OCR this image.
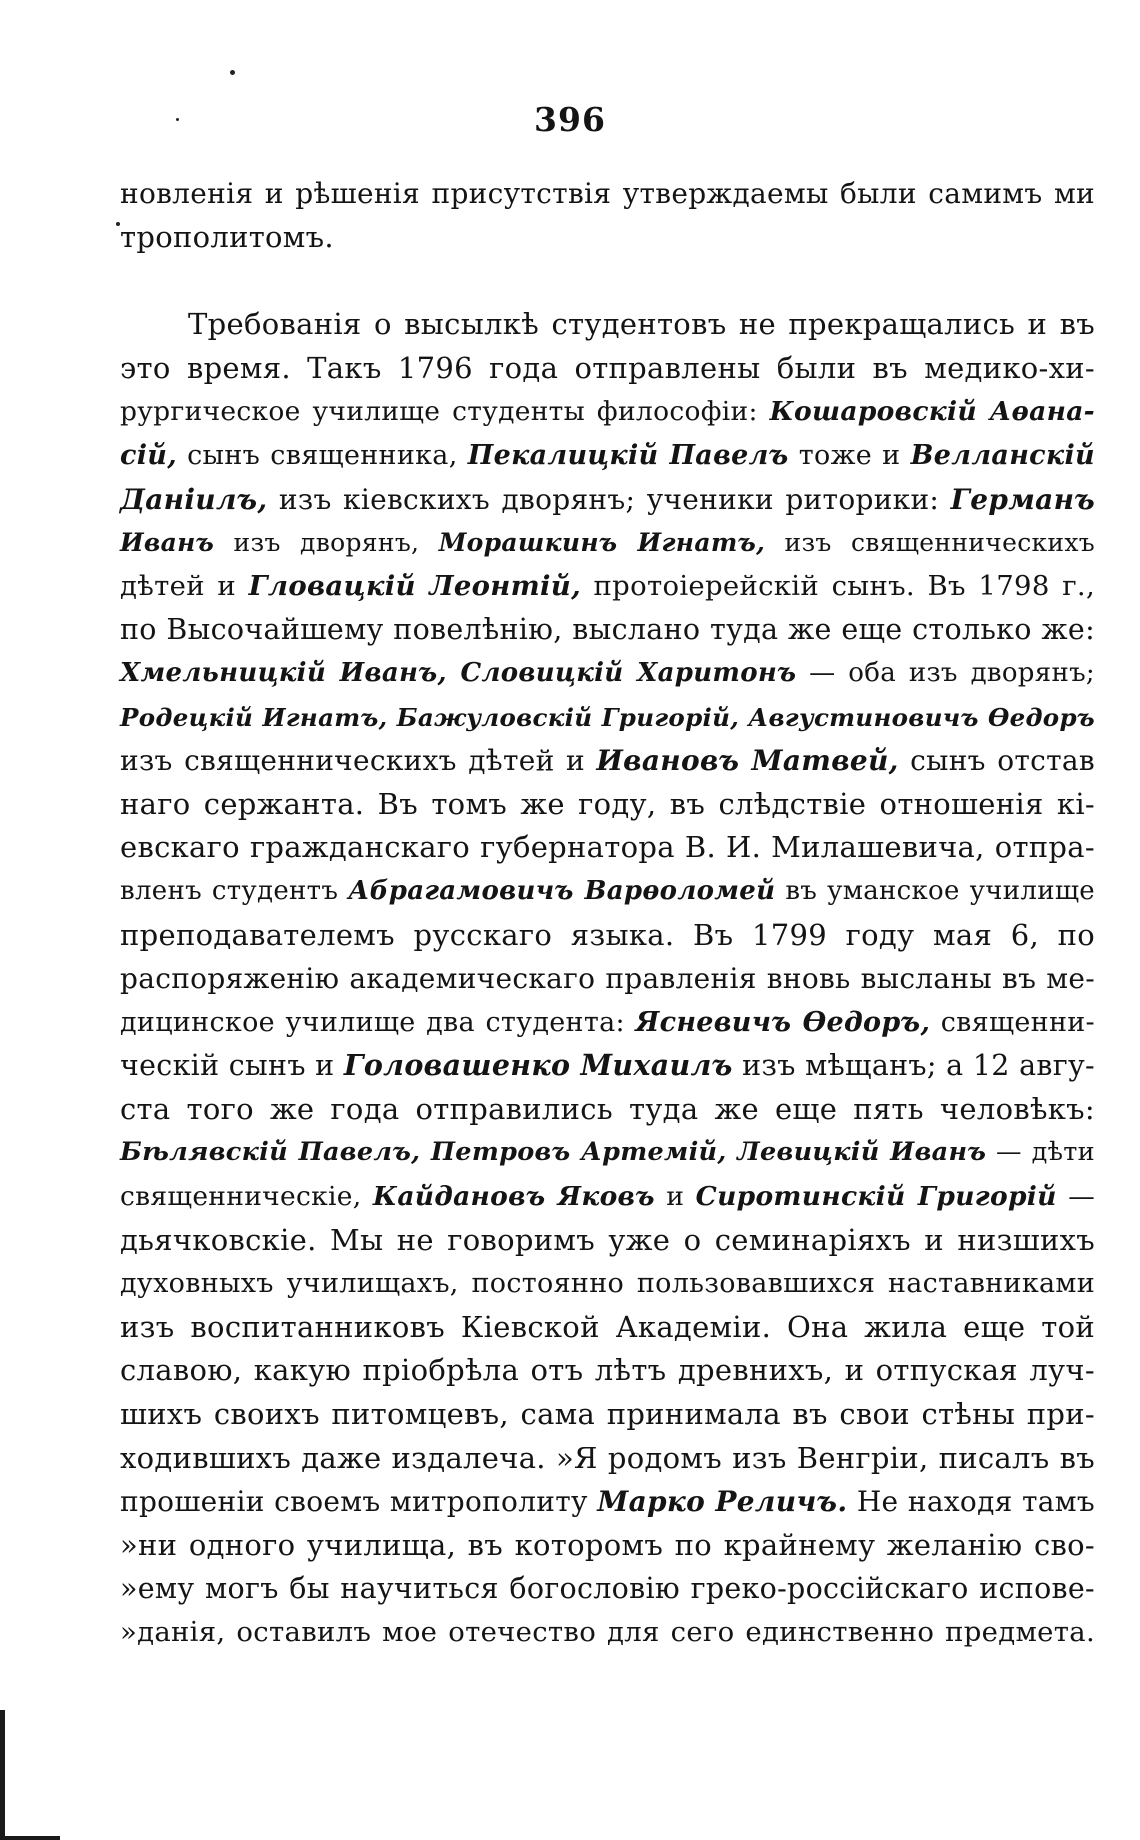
396
новленія и рѣшенія присутствія утверждаемы были самимъ ми
трополитомъ.
Требованія о высылкѣ студентовъ не прекращались и въ
это время. Такъ 1796 года отправлены были въ медико-хи-
рургическое училище студенты философіи: Кошаровскій Аѳана-
сій, сынъ священника, Пекалицкій Павелъ тоже и Велланскій
Даніилъ, изъ кіевскихъ дворянъ; ученики риторики: Германъ
Иванъ изъ дворянъ, Морашкинъ Игнатъ, изъ священническихъ
дѣтей и Гловацкій Леонтій, протоіерейскій сынъ. Въ 1798 г.,
по Высочайшему повелѣнію, выслано туда же еще столько же:
Хмельницкій Иванъ, Словицкій Харитонъ — оба изъ дворянъ;
Родецкій Игнатъ, Бажуловскій Григорій, Августиновичъ Ѳедоръ
изъ священническихъ дѣтей и Ивановъ Матвей, сынъ отстав
наго сержанта. Въ томъ же году, въ слѣдствіе отношенія кі-
евскаго гражданскаго губернатора В. И. Милашевича, отпра-
вленъ студентъ Абрагамовичъ Варѳоломей въ уманское училище
преподавателемъ русскаго языка. Въ 1799 году мая 6, по
распоряженію академическаго правленія вновь высланы въ ме-
дицинское училище два студента: Ясневичъ Ѳедоръ, священни-
ческій сынъ и Головашенко Михаилъ изъ мѣщанъ; а 12 авгу-
ста того же года отправились туда же еще пять человѣкъ:
Бѣлявскій Павелъ, Петровъ Артемій, Левицкій Иванъ — дѣти
священническіе, Кайдановъ Яковъ и Сиротинскій Григорій —
дьячковскіе. Мы не говоримъ уже о семинаріяхъ и низшихъ
духовныхъ училищахъ, постоянно пользовавшихся наставниками
изъ воспитанниковъ Кіевской Академіи. Она жила еще той
славою, какую пріобрѣла отъ лѣтъ древнихъ, и отпуская луч-
шихъ своихъ питомцевъ, сама принимала въ свои стѣны при-
ходившихъ даже издалеча. »Я родомъ изъ Венгріи, писалъ въ
прошеніи своемъ митрополиту Марко Реличъ. Не находя тамъ
»ни одного училища, въ которомъ по крайнему желанію сво-
»ему могъ бы научиться богословію греко-россійскаго испове-
»данія, оставилъ мое отечество для сего единственно предмета.
